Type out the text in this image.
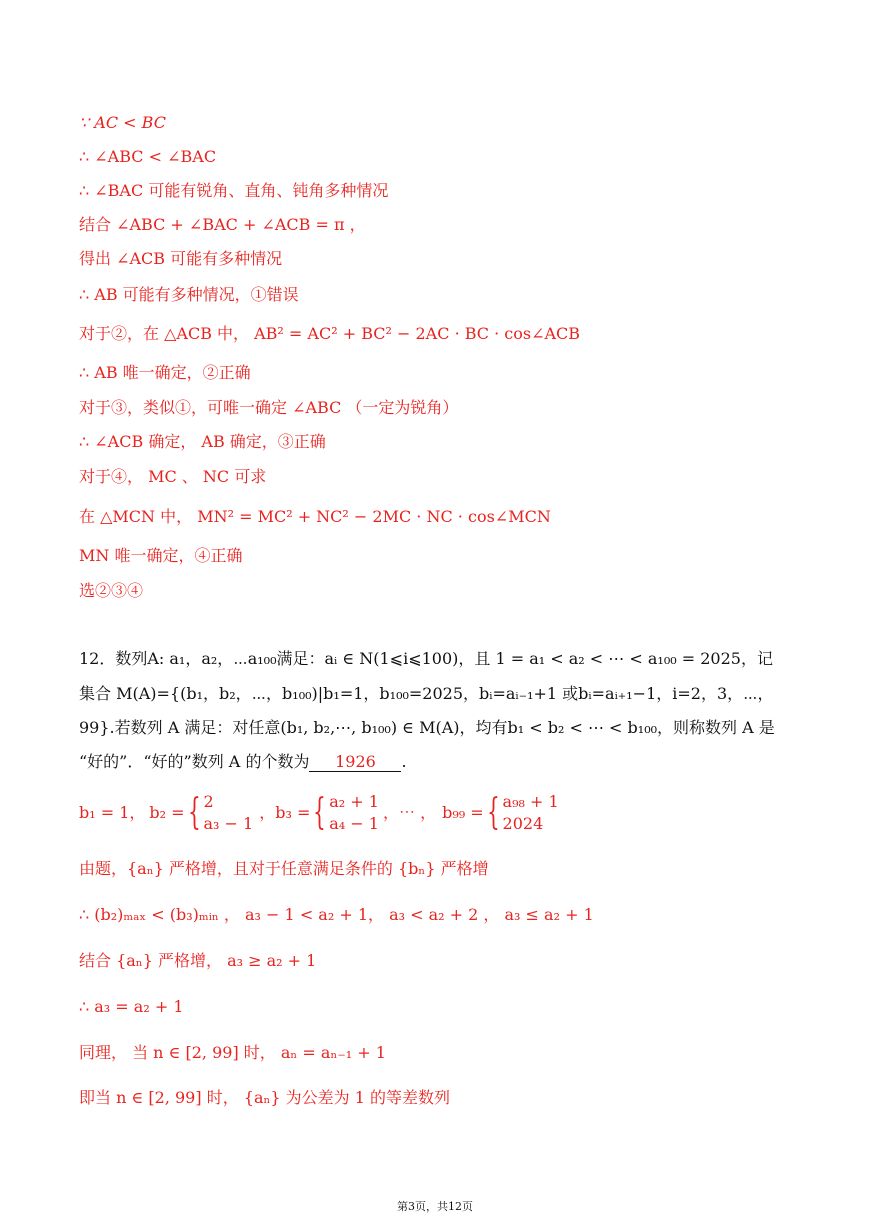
∵ AC < BC
∴ ∠ABC < ∠BAC
∴ ∠BAC 可能有锐角、直角、钝角多种情况
结合 ∠ABC + ∠BAC + ∠ACB = π ，
得出 ∠ACB 可能有多种情况
∴ AB 可能有多种情况，①错误
对于②，在 △ACB 中， AB² = AC² + BC² − 2AC · BC · cos∠ACB
∴ AB 唯一确定，②正确
对于③，类似①，可唯一确定 ∠ABC （一定为锐角）
∴ ∠ACB 确定， AB 确定，③正确
对于④， MC 、 NC 可求
在 △MCN 中， MN² = MC² + NC² − 2MC · NC · cos∠MCN
MN 唯一确定，④正确
选②③④
12．数列A: a₁，a₂，⋯a₁₀₀满足：aᵢ ∈ N(1⩽i⩽100)，且 1 = a₁ < a₂ < ⋯ < a₁₀₀ = 2025，记
集合 M(A)={(b₁，b₂，⋯，b₁₀₀)|b₁=1，b₁₀₀=2025，bᵢ=aᵢ₋₁+1 或bᵢ=aᵢ₊₁−1，i=2，3，⋯，
99}.若数列 A 满足：对任意(b₁, b₂,⋯, b₁₀₀) ∈ M(A)，均有b₁ < b₂ < ⋯ < b₁₀₀，则称数列 A 是
“好的”．“好的”数列 A 的个数为 1926 .
b₁ = 1， b₂ = { 2
a₃ − 1
，b₃ = { a₂ + 1
a₄ − 1
，⋯ ， b₉₉ = { a₉₈ + 1
2024
由题，{aₙ} 严格增，且对于任意满足条件的 {bₙ} 严格增
∴ (b₂)ₘₐₓ < (b₃)ₘᵢₙ ， a₃ − 1 < a₂ + 1， a₃ < a₂ + 2 ， a₃ ≤ a₂ + 1
结合 {aₙ} 严格增， a₃ ≥ a₂ + 1
∴ a₃ = a₂ + 1
同理， 当 n ∈ [2, 99] 时， aₙ = aₙ₋₁ + 1
即当 n ∈ [2, 99] 时， {aₙ} 为公差为 1 的等差数列
第3页，共12页
